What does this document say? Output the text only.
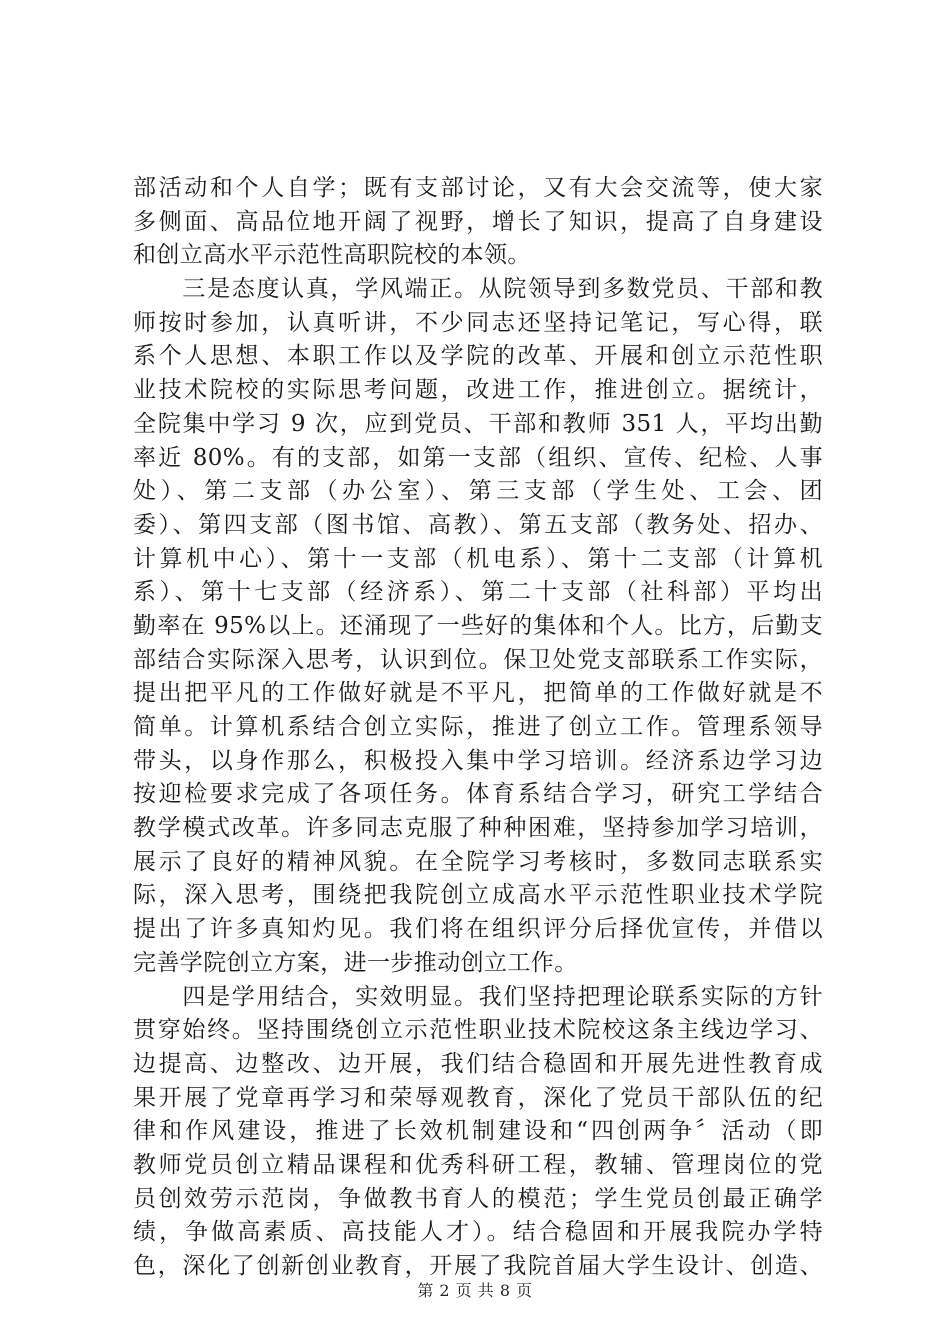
部活动和个人自学；既有支部讨论，又有大会交流等，使大家
多侧面、高品位地开阔了视野，增长了知识，提高了自身建设
和创立高水平示范性高职院校的本领。
　　三是态度认真，学风端正。从院领导到多数党员、干部和教
师按时参加，认真听讲，不少同志还坚持记笔记，写心得，联
系个人思想、本职工作以及学院的改革、开展和创立示范性职
业技术院校的实际思考问题，改进工作，推进创立。据统计，
全院集中学习 9 次，应到党员、干部和教师 351 人，平均出勤
率近 80%。有的支部，如第一支部（组织、宣传、纪检、人事
处）、第二支部（办公室）、第三支部（学生处、工会、团
委）、第四支部（图书馆、高教）、第五支部（教务处、招办、
计算机中心）、第十一支部（机电系）、第十二支部（计算机
系）、第十七支部（经济系）、第二十支部（社科部）平均出
勤率在 95%以上。还涌现了一些好的集体和个人。比方，后勤支
部结合实际深入思考，认识到位。保卫处党支部联系工作实际，
提出把平凡的工作做好就是不平凡，把简单的工作做好就是不
简单。计算机系结合创立实际，推进了创立工作。管理系领导
带头，以身作那么，积极投入集中学习培训。经济系边学习边
按迎检要求完成了各项任务。体育系结合学习，研究工学结合
教学模式改革。许多同志克服了种种困难，坚持参加学习培训，
展示了良好的精神风貌。在全院学习考核时，多数同志联系实
际，深入思考，围绕把我院创立成高水平示范性职业技术学院
提出了许多真知灼见。我们将在组织评分后择优宣传，并借以
完善学院创立方案，进一步推动创立工作。
　　四是学用结合，实效明显。我们坚持把理论联系实际的方针
贯穿始终。坚持围绕创立示范性职业技术院校这条主线边学习、
边提高、边整改、边开展，我们结合稳固和开展先进性教育成
果开展了党章再学习和荣辱观教育，深化了党员干部队伍的纪
律和作风建设，推进了长效机制建设和“四创两争〞活动（即
教师党员创立精品课程和优秀科研工程，教辅、管理岗位的党
员创效劳示范岗，争做教书育人的模范；学生党员创最正确学
绩，争做高素质、高技能人才）。结合稳固和开展我院办学特
色，深化了创新创业教育，开展了我院首届大学生设计、创造、
第 2 页 共 8 页
